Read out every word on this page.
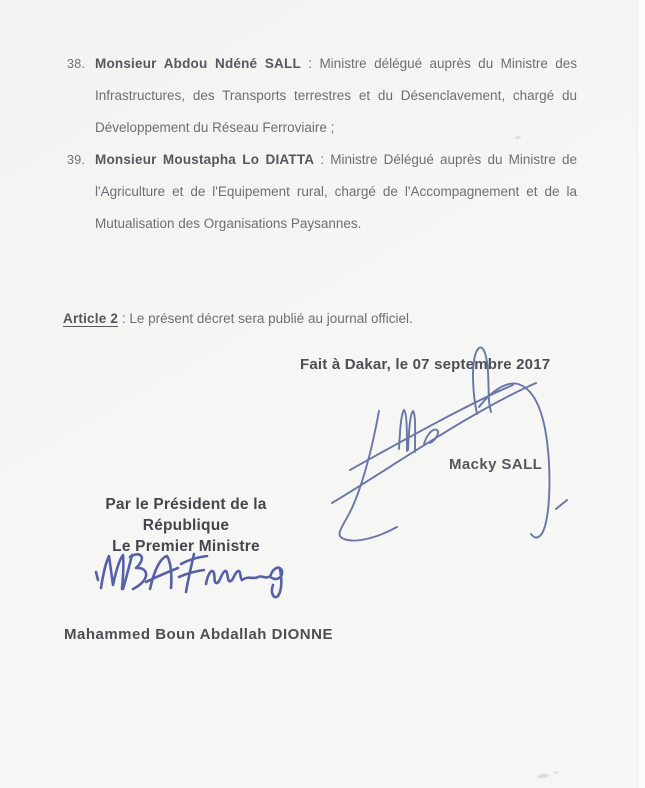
38. Monsieur Abdou Ndéné SALL : Ministre délégué auprès du Ministre des
Infrastructures, des Transports terrestres et du Désenclavement, chargé du
Développement du Réseau Ferroviaire ;
39. Monsieur Moustapha Lo DIATTA : Ministre Délégué auprès du Ministre de
l'Agriculture et de l'Equipement rural, chargé de l'Accompagnement et de la
Mutualisation des Organisations Paysannes.
Article 2 : Le présent décret sera publié au journal officiel.
Fait à Dakar, le 07 septembre 2017
Macky SALL
Par le Président de la République
Le Premier Ministre
Mahammed Boun Abdallah DIONNE
